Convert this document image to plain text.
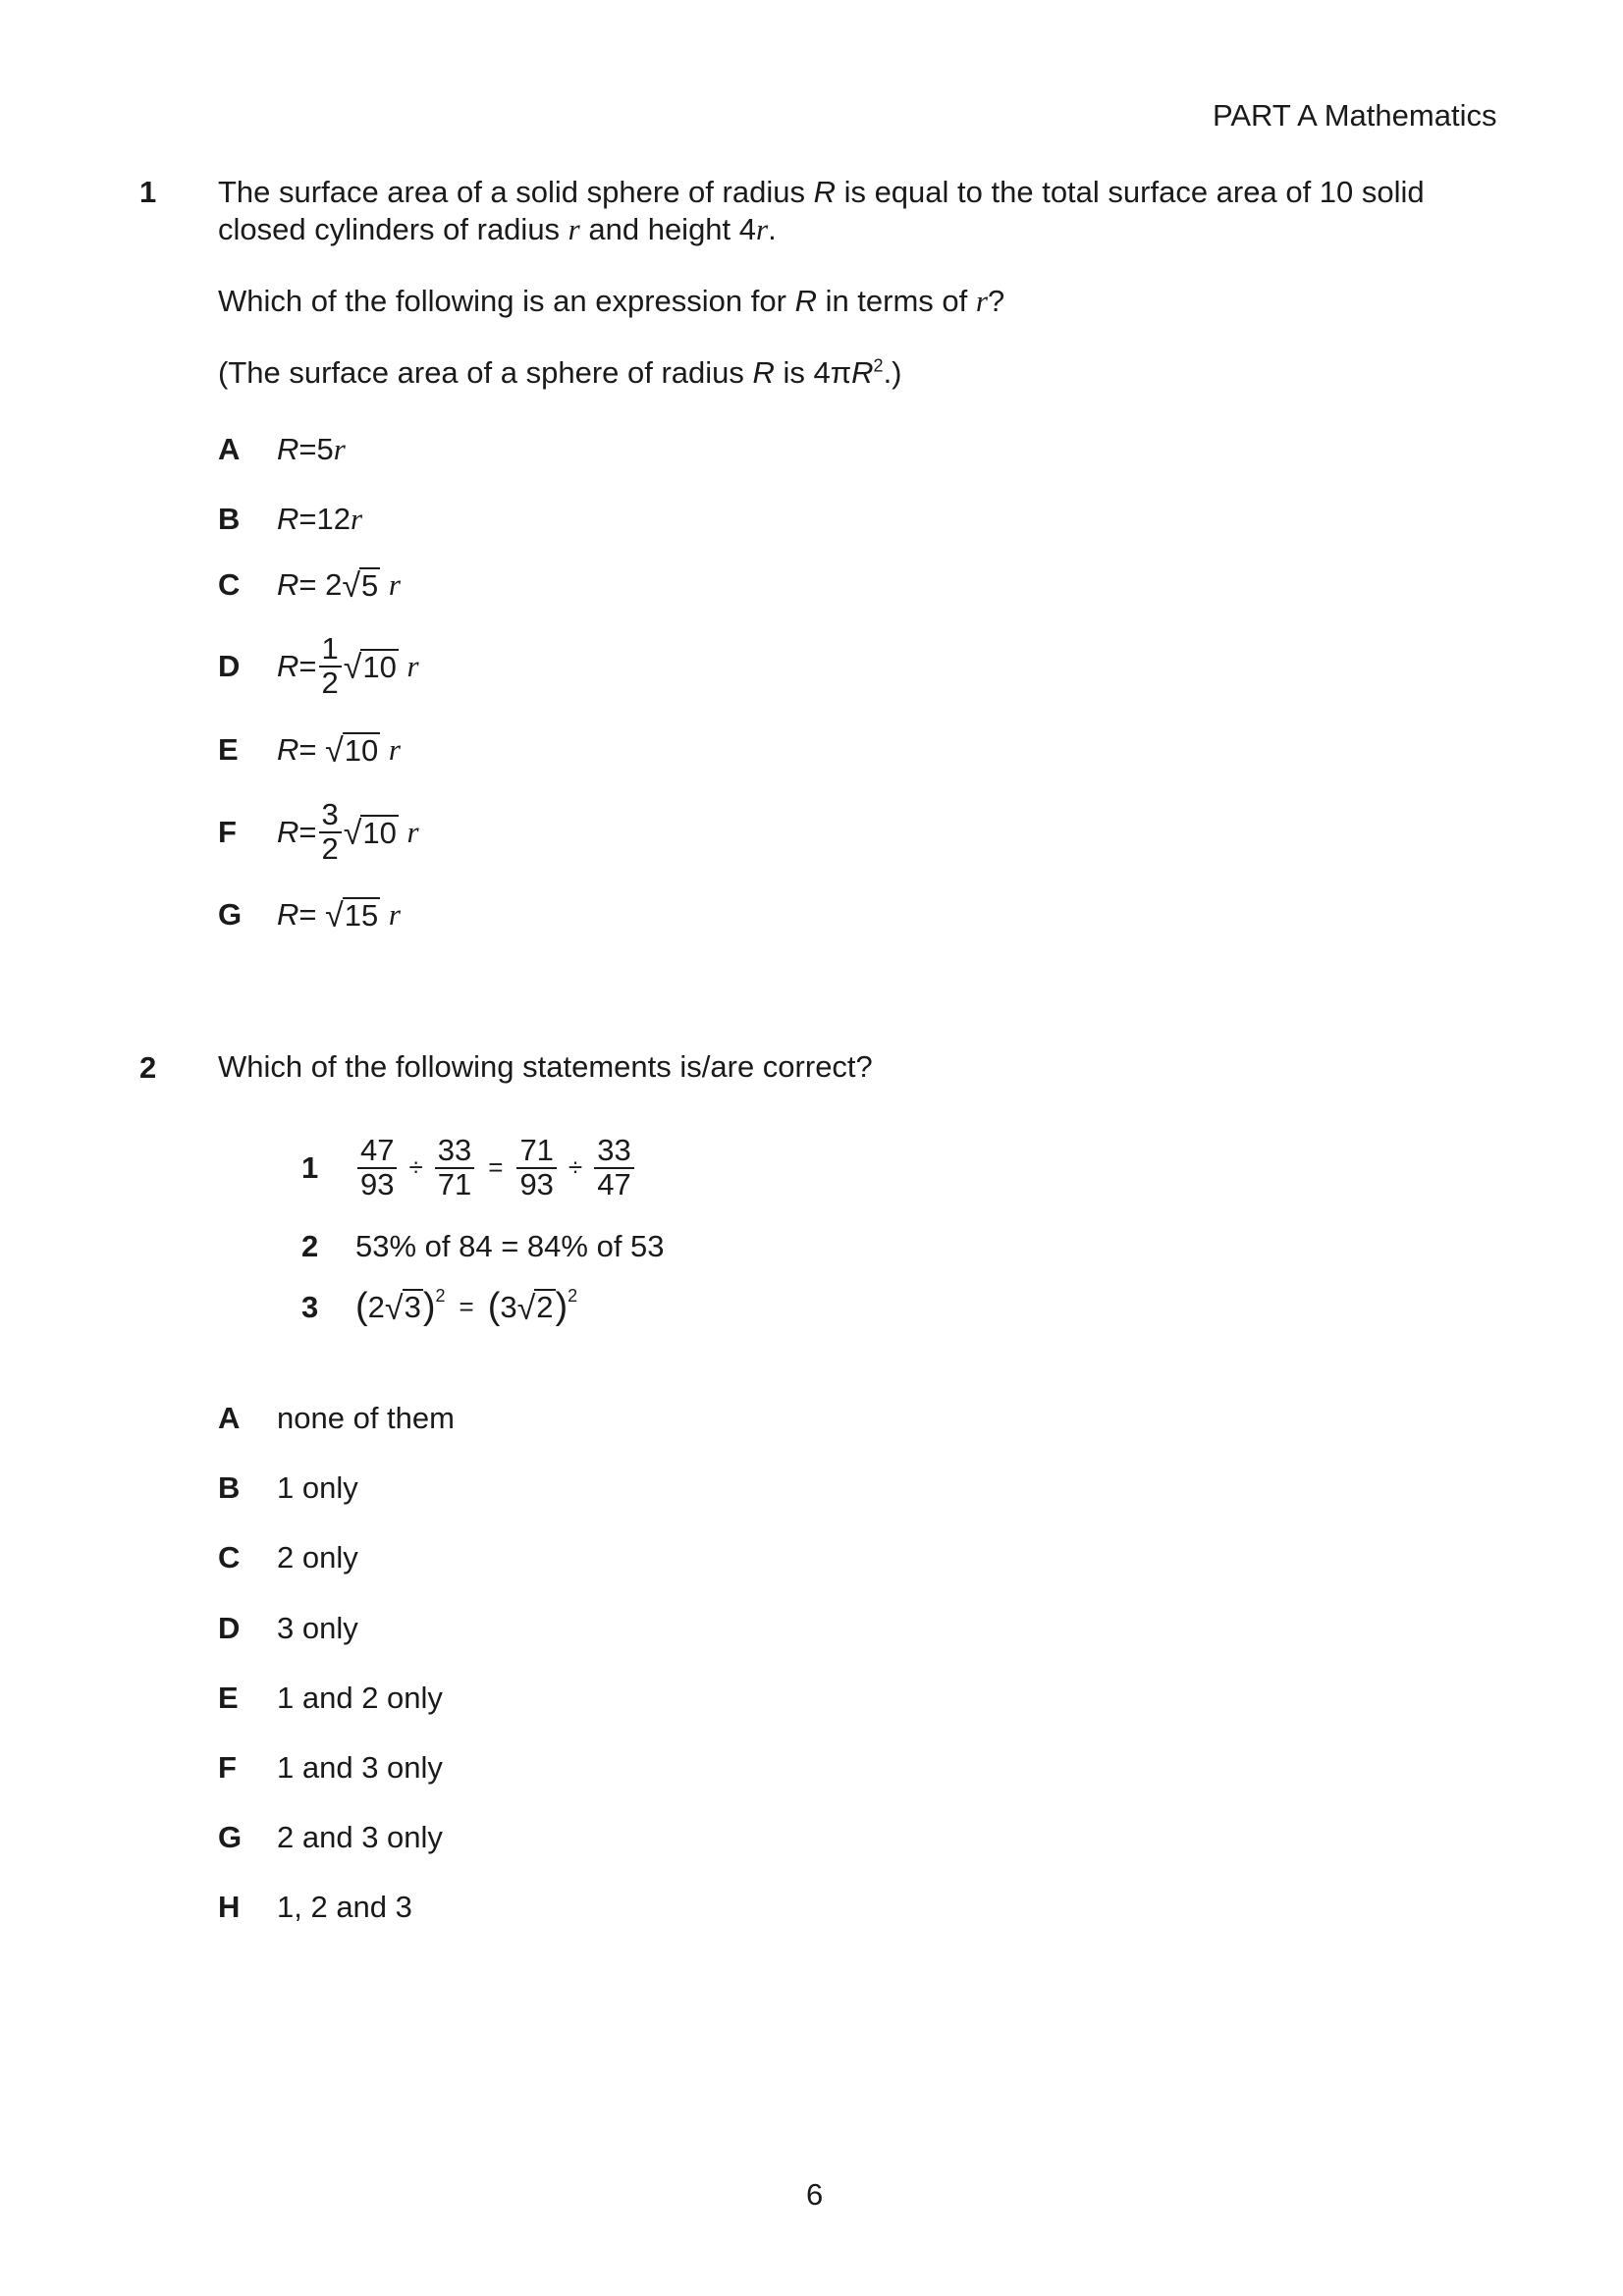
PART A Mathematics
1 The surface area of a solid sphere of radius R is equal to the total surface area of 10 solid
closed cylinders of radius r and height 4r.
Which of the following is an expression for R in terms of r?
(The surface area of a sphere of radius R is $4\pi R^2$.)
A	R = 5 r
B	R = 12 r
C	R =
2 √ 5
r
D	$R = \frac{1}{2}$ √ 10
r
E	R =
√ 10
r
F	$R = \frac{3}{2}$ √ 10
r
G	R =
√ 15
r
2 Which of the following statements is/are correct?
1	$\frac{47}{93} \div \frac{33}{71} = \frac{71}{93} \div \frac{33}{47}$
2	53% of 84 = 84% of 53
3 ( 2 √ 3 )$^2$ = ( 3 √ 2 )$^2$
A	none of them
B	1 only
C	2 only
D	3 only
E	1 and 2 only
F	1 and 3 only
G	2 and 3 only
H	1, 2 and 3
6
